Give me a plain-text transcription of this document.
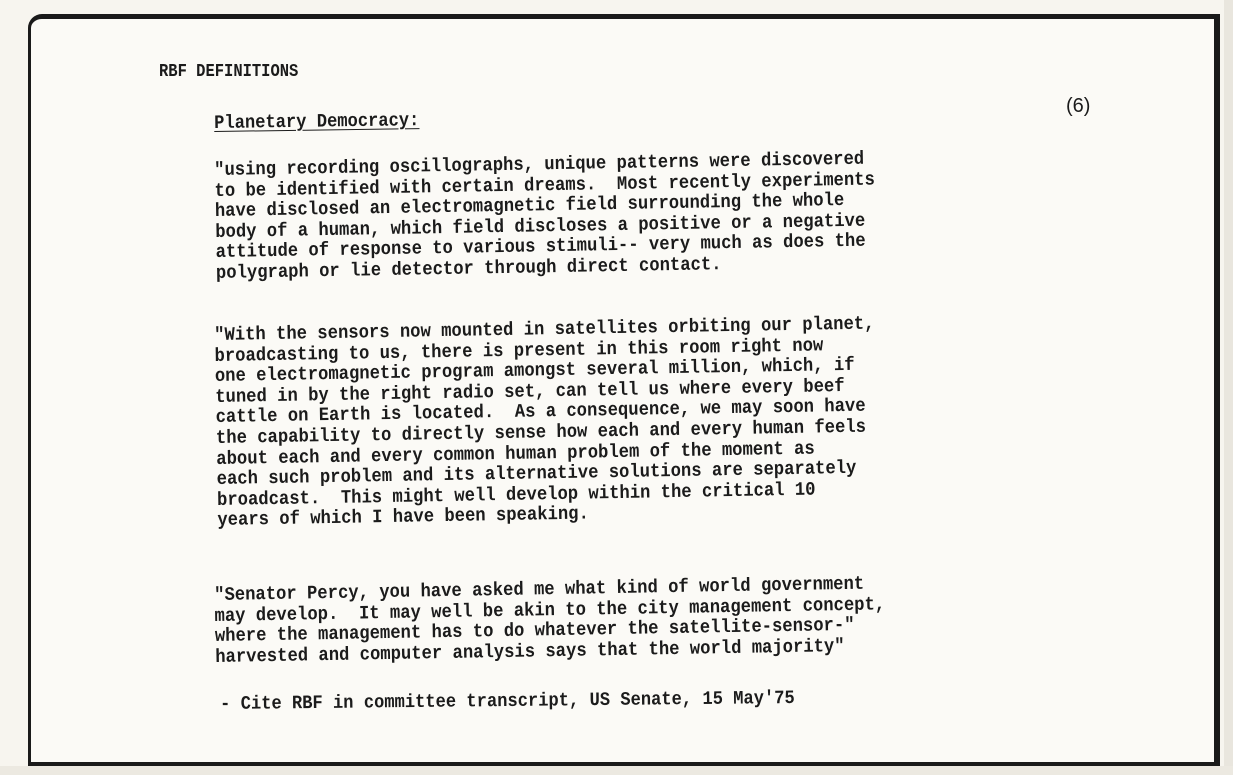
RBF DEFINITIONS
Planetary Democracy:
(6)

"using recording oscillographs, unique patterns were discovered
to be identified with certain dreams.  Most recently experiments
have disclosed an electromagnetic field surrounding the whole
body of a human, which field discloses a positive or a negative
attitude of response to various stimuli-- very much as does the
polygraph or lie detector through direct contact.

"With the sensors now mounted in satellites orbiting our planet,
broadcasting to us, there is present in this room right now
one electromagnetic program amongst several million, which, if
tuned in by the right radio set, can tell us where every beef
cattle on Earth is located.  As a consequence, we may soon have
the capability to directly sense how each and every human feels
about each and every common human problem of the moment as
each such problem and its alternative solutions are separately
broadcast.  This might well develop within the critical 10
years of which I have been speaking.

"Senator Percy, you have asked me what kind of world government
may develop.  It may well be akin to the city management concept,
where the management has to do whatever the satellite-sensor-"
harvested and computer analysis says that the world majority"

- Cite RBF in committee transcript, US Senate, 15 May'75
